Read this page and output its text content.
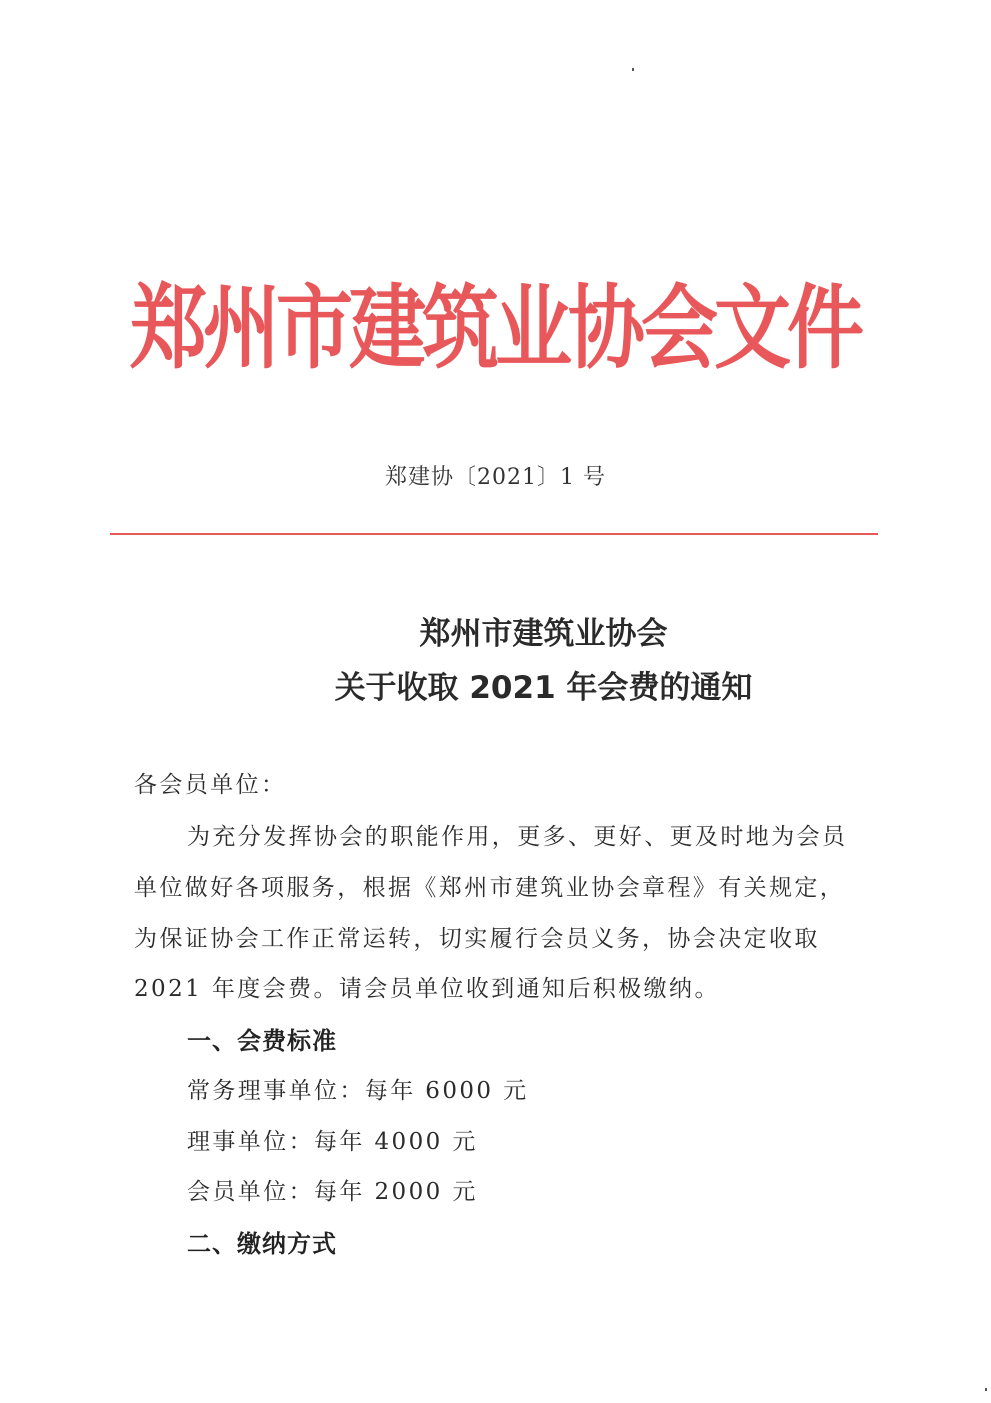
郑州市建筑业协会文件
郑建协〔2021〕1 号
郑州市建筑业协会
关于收取 2021 年会费的通知
各会员单位：
为充分发挥协会的职能作用，更多、更好、更及时地为会员
单位做好各项服务，根据《郑州市建筑业协会章程》有关规定，
为保证协会工作正常运转，切实履行会员义务，协会决定收取
2021 年度会费。请会员单位收到通知后积极缴纳。
一、会费标准
常务理事单位：每年 6000 元
理事单位：每年 4000 元
会员单位：每年 2000 元
二、缴纳方式
